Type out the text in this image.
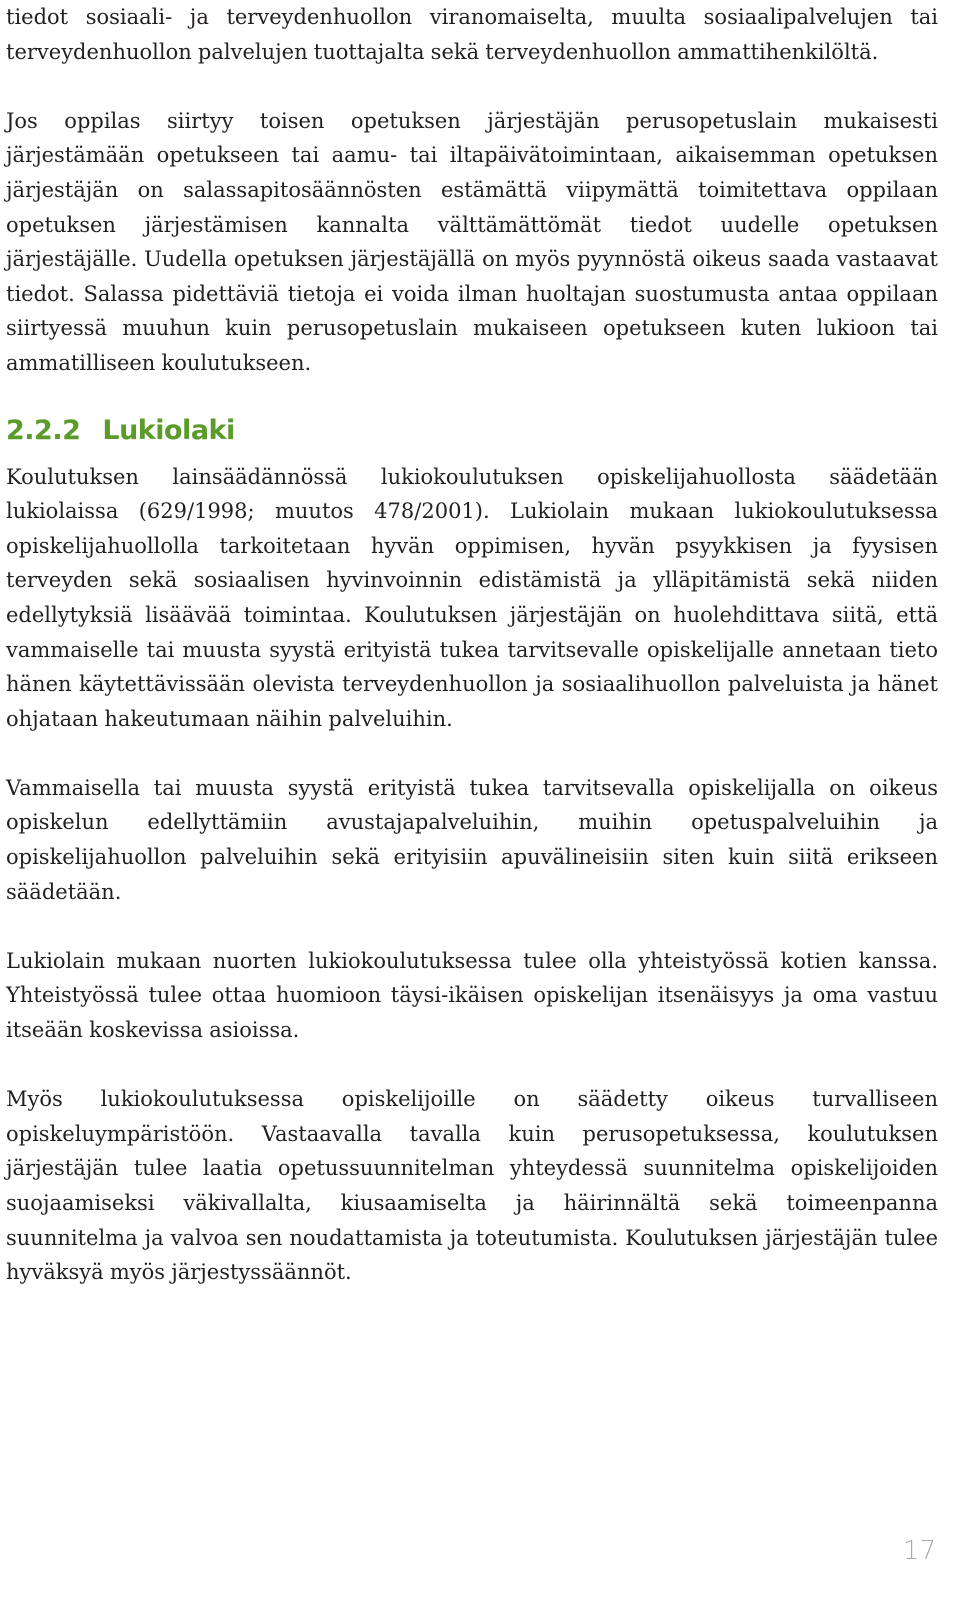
tiedot sosiaali- ja terveydenhuollon viranomaiselta, muulta sosiaalipalvelujen tai terveydenhuollon palvelujen tuottajalta sekä terveydenhuollon ammattihenkilöltä.

Jos oppilas siirtyy toisen opetuksen järjestäjän perusopetuslain mukaisesti järjestämään opetukseen tai aamu- tai iltapäivätoimintaan, aikaisemman opetuksen järjestäjän on salassapitosäännösten estämättä viipymättä toimitettava oppilaan opetuksen järjestämisen kannalta välttämättömät tiedot uudelle opetuksen järjestäjälle. Uudella opetuksen järjestäjällä on myös pyynnöstä oikeus saada vastaavat tiedot. Salassa pidettäviä tietoja ei voida ilman huoltajan suostumusta antaa oppilaan siirtyessä muuhun kuin perusopetuslain mukaiseen opetukseen kuten lukioon tai ammatilliseen koulutukseen.

2.2.2 Lukiolaki

Koulutuksen lainsäädännössä lukiokoulutuksen opiskelijahuollosta säädetään lukiolaissa (629/1998; muutos 478/2001). Lukiolain mukaan lukiokoulutuksessa opiskelijahuollolla tarkoitetaan hyvän oppimisen, hyvän psyykkisen ja fyysisen terveyden sekä sosiaalisen hyvinvoinnin edistämistä ja ylläpitämistä sekä niiden edellytyksiä lisäävää toimintaa. Koulutuksen järjestäjän on huolehdittava siitä, että vammaiselle tai muusta syystä erityistä tukea tarvitsevalle opiskelijalle annetaan tieto hänen käytettävissään olevista terveydenhuollon ja sosiaalihuollon palveluista ja hänet ohjataan hakeutumaan näihin palveluihin.

Vammaisella tai muusta syystä erityistä tukea tarvitsevalla opiskelijalla on oikeus opiskelun edellyttämiin avustajapalveluihin, muihin opetuspalveluihin ja opiskelijahuollon palveluihin sekä erityisiin apuvälineisiin siten kuin siitä erikseen säädetään.

Lukiolain mukaan nuorten lukiokoulutuksessa tulee olla yhteistyössä kotien kanssa. Yhteistyössä tulee ottaa huomioon täysi-ikäisen opiskelijan itsenäisyys ja oma vastuu itseään koskevissa asioissa.

Myös lukiokoulutuksessa opiskelijoille on säädetty oikeus turvalliseen opiskeluympäristöön. Vastaavalla tavalla kuin perusopetuksessa, koulutuksen järjestäjän tulee laatia opetussuunnitelman yhteydessä suunnitelma opiskelijoiden suojaamiseksi väkivallalta, kiusaamiselta ja häirinnältä sekä toimeenpanna suunnitelma ja valvoa sen noudattamista ja toteutumista. Koulutuksen järjestäjän tulee hyväksyä myös järjestyssäännöt.

17
